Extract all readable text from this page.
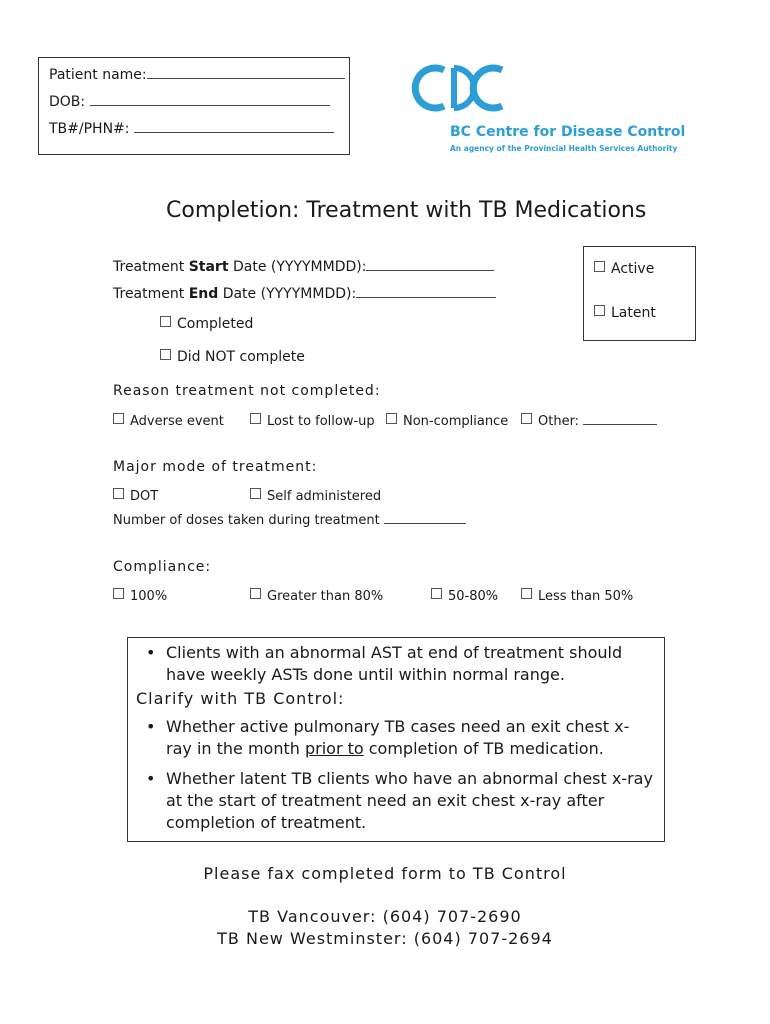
Patient name:
DOB:
TB#/PHN#:	BC Centre for Disease Control
An agency of the Provincial Health Services Authority
Completion: Treatment with TB Medications
Treatment Start Date (YYYYMMDD):
Treatment End Date (YYYYMMDD):
Completed
Did NOT complete
Active
Latent
Reason treatment not completed:
Adverse event	Lost to follow-up	Non-compliance	Other:
Major mode of treatment:
DOT	Self administered
Number of doses taken during treatment
Compliance:
100%	Greater than 80%	50-80%	Less than 50%
• Clients with an abnormal AST at end of treatment should have weekly ASTs done until within normal range.
Clarify with TB Control:
• Whether active pulmonary TB cases need an exit chest x-ray in the month prior to completion of TB medication.
• Whether latent TB clients who have an abnormal chest x-ray at the start of treatment need an exit chest x-ray after completion of treatment.
Please fax completed form to TB Control
TB Vancouver: (604) 707-2690
TB New Westminster: (604) 707-2694
